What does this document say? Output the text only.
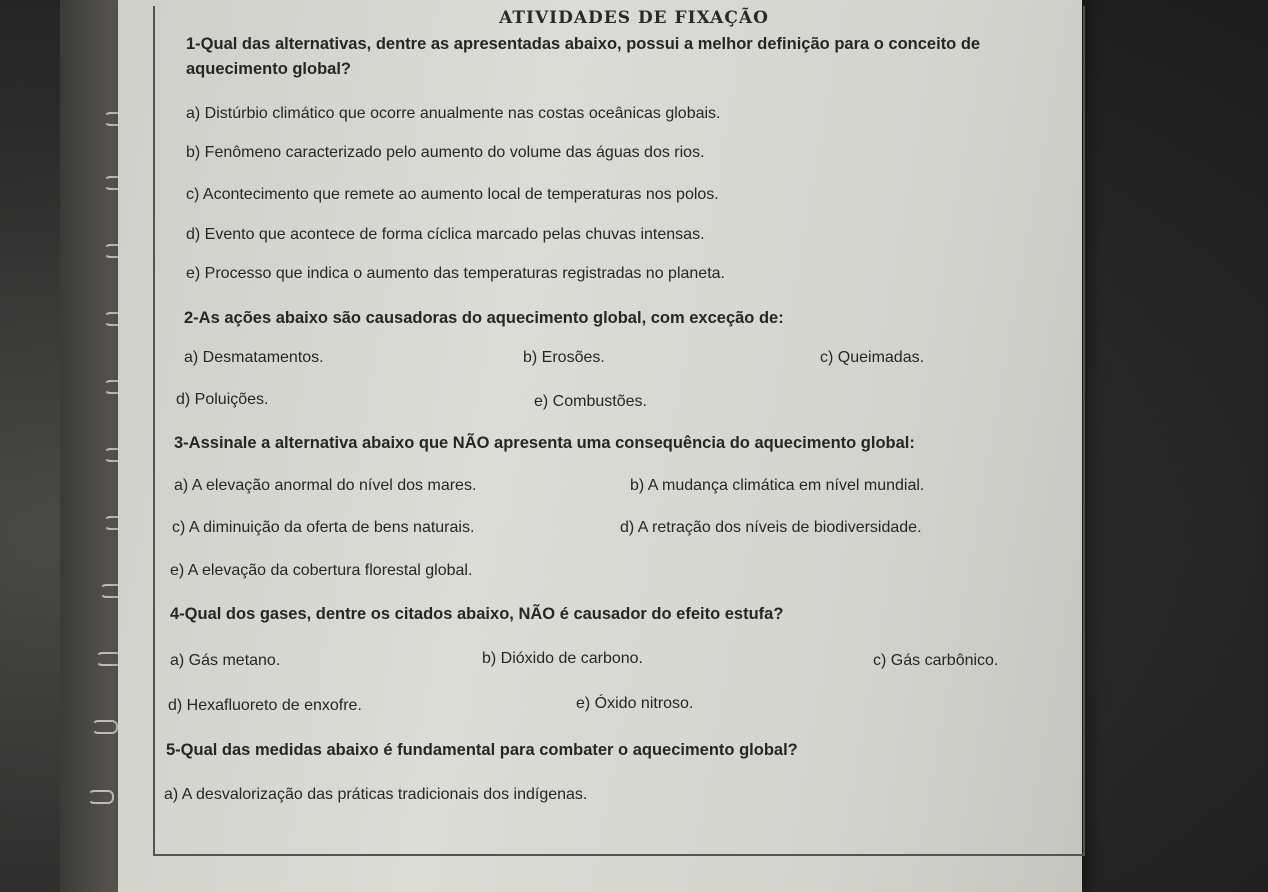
ATIVIDADES DE FIXAÇÃO
1-Qual das alternativas, dentre as apresentadas abaixo, possui a melhor definição para o conceito de aquecimento global?
a) Distúrbio climático que ocorre anualmente nas costas oceânicas globais.
b) Fenômeno caracterizado pelo aumento do volume das águas dos rios.
c) Acontecimento que remete ao aumento local de temperaturas nos polos.
d) Evento que acontece de forma cíclica marcado pelas chuvas intensas.
e) Processo que indica o aumento das temperaturas registradas no planeta.
2-As ações abaixo são causadoras do aquecimento global, com exceção de:
a) Desmatamentos.	b) Erosões.	c) Queimadas.
d) Poluições.	e) Combustões.
3-Assinale a alternativa abaixo que NÃO apresenta uma consequência do aquecimento global:
a) A elevação anormal do nível dos mares.	b) A mudança climática em nível mundial.
c) A diminuição da oferta de bens naturais.	d) A retração dos níveis de biodiversidade.
e) A elevação da cobertura florestal global.
4-Qual dos gases, dentre os citados abaixo, NÃO é causador do efeito estufa?
a) Gás metano.	b) Dióxido de carbono.	c) Gás carbônico.
d) Hexafluoreto de enxofre.	e) Óxido nitroso.
5-Qual das medidas abaixo é fundamental para combater o aquecimento global?
a) A desvalorização das práticas tradicionais dos indígenas.
